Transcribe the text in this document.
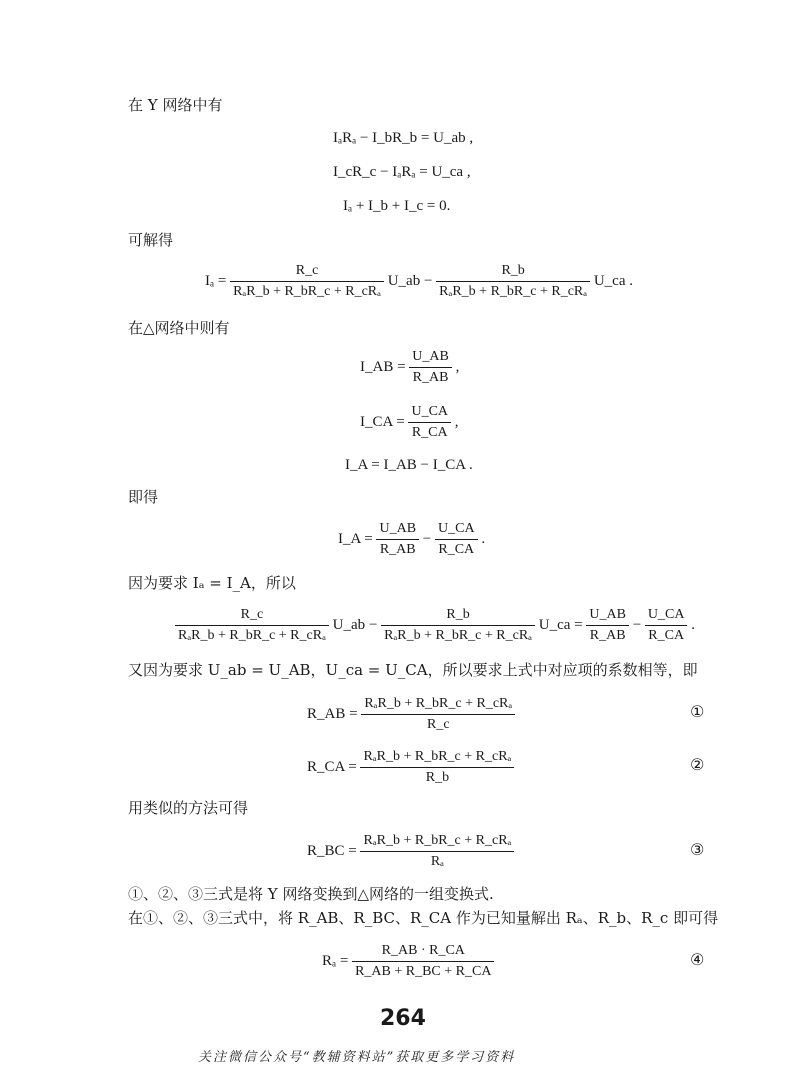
在 Y 网络中有
IₐRₐ − I_bR_b = U_ab ,
I_cR_c − IₐRₐ = U_ca ,
Iₐ + I_b + I_c = 0.
可解得
$I_a = \frac{R\_c}{\text{RₐR\_b + R\_bR\_c + R\_cRₐ}}$ U_ab − $\frac{R\_b}{\text{RₐR\_b + R\_bR\_c + R\_cRₐ}}$ U_ca .
在△网络中则有
I_AB = $\frac{U\_AB}{R\_AB}$ ,
I_CA = $\frac{U\_CA}{R\_CA}$ ,
I_A = I_AB − I_CA .
即得
I_A = $\frac{U\_AB}{R\_AB} - \frac{U\_CA}{R\_CA}$ .
因为要求 Iₐ = I_A，所以
$\frac{R\_c}{\text{RₐR\_b + R\_bR\_c + R\_cRₐ}}$ U_ab − $\frac{R\_b}{\text{RₐR\_b + R\_bR\_c + R\_cRₐ}}$ U_ca = $\frac{U\_AB}{R\_AB} - \frac{U\_CA}{R\_CA}$ .
又因为要求 U_ab = U_AB，U_ca = U_CA，所以要求上式中对应项的系数相等，即
R_AB = $\frac{\text{RₐR\_b + R\_bR\_c + R\_cRₐ}}{R\_c}$	①
R_CA = $\frac{\text{RₐR\_b + R\_bR\_c + R\_cRₐ}}{R\_b}$	②
用类似的方法可得
R_BC = $\frac{\text{RₐR\_b + R\_bR\_c + R\_cRₐ}}{\text{Rₐ}}$	③
①、②、③三式是将 Y 网络变换到△网络的一组变换式.
在①、②、③三式中，将 R_AB、R_BC、R_CA 作为已知量解出 Rₐ、R_b、R_c 即可得
$R_a = \frac{R\_AB \cdot R\_CA}{R\_AB + R\_BC + R\_CA}$	④
264
关注微信公众号“教辅资料站”获取更多学习资料
